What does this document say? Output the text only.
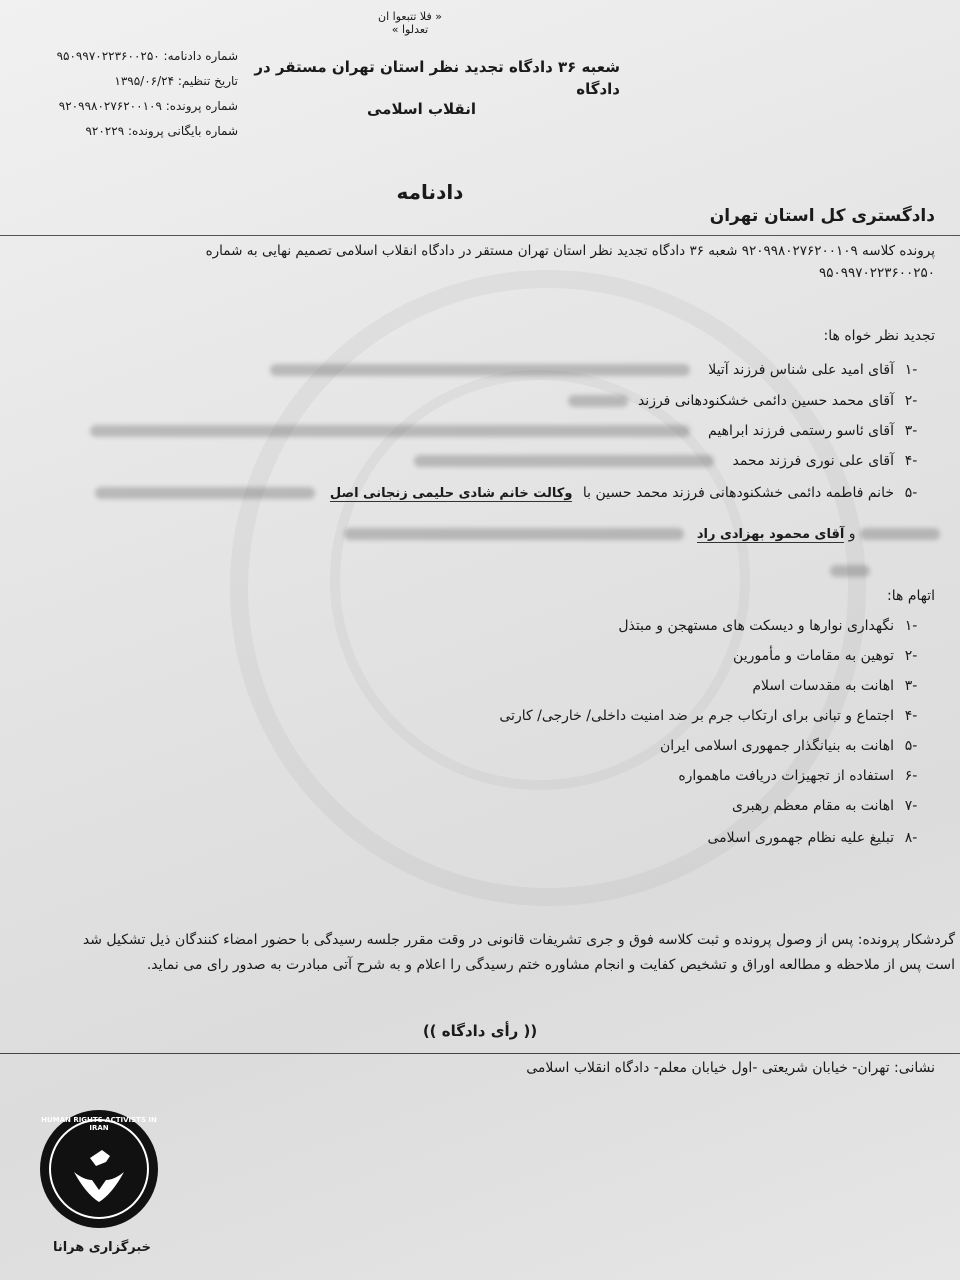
« فلا تتبعوا ان تعدلوا »
شماره دادنامه: ۹۵۰۹۹۷۰۲۲۳۶۰۰۲۵۰
تاریخ تنظیم: ۱۳۹۵/۰۶/۲۴
شماره پرونده: ۹۲۰۹۹۸۰۲۷۶۲۰۰۱۰۹
شماره بایگانی پرونده: ۹۲۰۲۲۹
شعبه ۳۶ دادگاه تجدید نظر استان تهران مستقر در دادگاه
انقلاب اسلامی
دادنامه
دادگستری کل استان تهران
پرونده کلاسه ۹۲۰۹۹۸۰۲۷۶۲۰۰۱۰۹ شعبه ۳۶ دادگاه تجدید نظر استان تهران مستقر در دادگاه انقلاب اسلامی تصمیم نهایی به شماره
۹۵۰۹۹۷۰۲۲۳۶۰۰۲۵۰
تجدید نظر خواه ها:
-۱آقای امید علی شناس فرزند آتیلا
-۲آقای محمد حسین دائمی خشکنودهانی فرزند
-۳آقای ئاسو رستمی فرزند ابراهیم
-۴آقای علی نوری فرزند محمد
-۵خانم فاطمه دائمی خشکنودهانی فرزند محمد حسین با وکالت خانم شادی حلیمی زنجانی اصل
و آقای محمود بهزادی راد
اتهام ها:
-۱نگهداری نوارها و دیسکت های مستهجن و مبتذل
-۲توهین به مقامات و مأمورین
-۳اهانت به مقدسات اسلام
-۴اجتماع و تبانی برای ارتکاب جرم بر ضد امنیت داخلی/ خارجی/ کارتی
-۵اهانت به بنیانگذار جمهوری اسلامی ایران
-۶استفاده از تجهیزات دریافت ماهمواره
-۷اهانت به مقام معظم رهبری
-۸تبلیغ علیه نظام جهموری اسلامی
گردشکار پرونده: پس از وصول پرونده و ثبت کلاسه فوق و جری تشریفات قانونی در وقت مقرر جلسه رسیدگی با حضور امضاء کنندگان ذیل تشکیل شد
است پس از ملاحظه و مطالعه اوراق و تشخیص کفایت و انجام مشاوره ختم رسیدگی را اعلام و به شرح آتی مبادرت به صدور رای می نماید.
(( رأی دادگاه ))
نشانی: تهران- خیابان شریعتی -اول خیابان معلم- دادگاه انقلاب اسلامی
HUMAN RIGHTS ACTIVISTS IN IRAN
خبرگزاری هرانا
